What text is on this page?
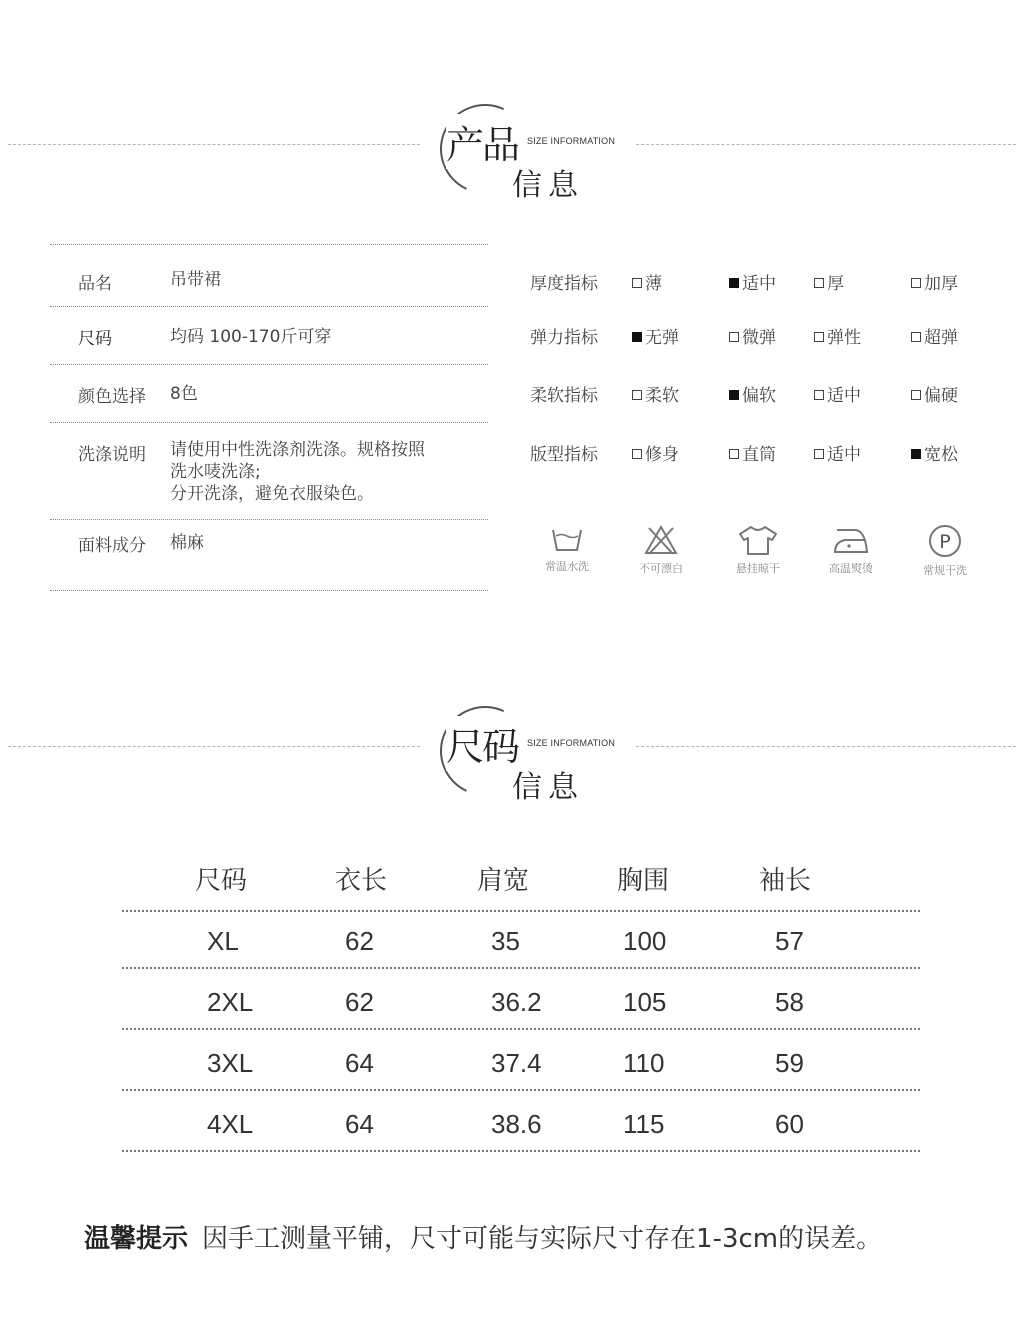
产品 SIZE INFORMATION
信息
品名	吊带裙
尺码	均码 100-170斤可穿
颜色选择 8色
洗涤说明 请使用中性洗涤剂洗涤。规格按照
洗水唛洗涤;
分开洗涤，避免衣服染色。
面料成分 棉麻
厚度指标	薄	适中	厚	加厚
弹力指标	无弹	微弹	弹性	超弹
柔软指标	柔软	偏软	适中	偏硬
版型指标	修身	直筒	适中	宽松
常温水洗	不可漂白	悬挂晾干	高温熨烫
P
常规干洗
尺码 SIZE INFORMATION
信息
尺码	衣长	肩宽	胸围	袖长
XL	62	35	100	57
2XL	62	36.2	105	58
3XL	64	37.4	110	59
4XL	64	38.6	115	60
温馨提示 因手工测量平铺，尺寸可能与实际尺寸存在1-3cm的误差。
